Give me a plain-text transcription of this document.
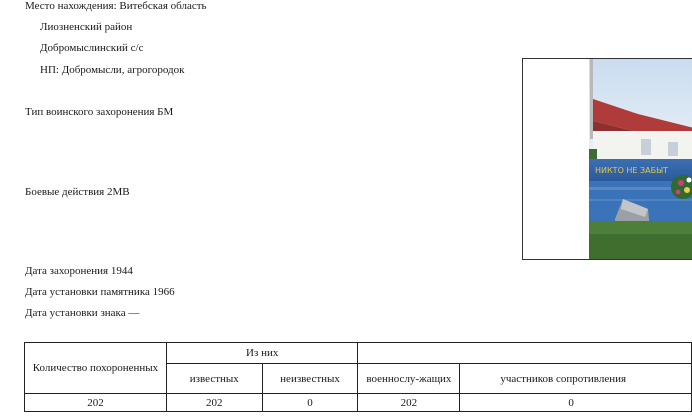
Место нахождения: Витебская область
Лиозненский район
Добромыслинский с/с
НП: Добромысли, агрогородок
Тип воинского захоронения БМ
Боевые действия 2МВ
Дата захоронения 1944
Дата установки памятника 1966
Дата установки знака —
НИКТО НЕ ЗАБЫТ
Количество похороненных	Из них			
	известных	неизвестных	военнослу-жащих	участников сопротивления
202	202	0	202	0
